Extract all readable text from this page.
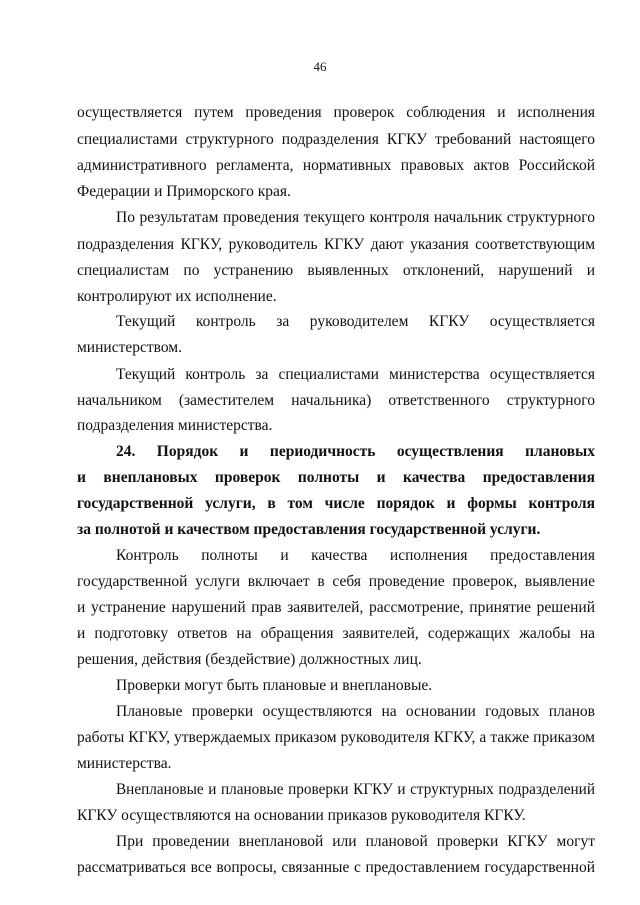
46
осуществляется путем проведения проверок соблюдения и исполнения
специалистами структурного подразделения КГКУ требований настоящего
административного регламента, нормативных правовых актов Российской
Федерации и Приморского края.
По результатам проведения текущего контроля начальник структурного
подразделения КГКУ, руководитель КГКУ дают указания соответствующим
специалистам по устранению выявленных отклонений, нарушений и
контролируют их исполнение.
Текущий контроль за руководителем КГКУ осуществляется
министерством.
Текущий контроль за специалистами министерства осуществляется
начальником (заместителем начальника) ответственного структурного
подразделения министерства.
24. Порядок и периодичность осуществления плановых
и внеплановых проверок полноты и качества предоставления
государственной услуги, в том числе порядок и формы контроля
за полнотой и качеством предоставления государственной услуги.
Контроль полноты и качества исполнения предоставления
государственной услуги включает в себя проведение проверок, выявление
и устранение нарушений прав заявителей, рассмотрение, принятие решений
и подготовку ответов на обращения заявителей, содержащих жалобы на
решения, действия (бездействие) должностных лиц.
Проверки могут быть плановые и внеплановые.
Плановые проверки осуществляются на основании годовых планов
работы КГКУ, утверждаемых приказом руководителя КГКУ, а также приказом
министерства.
Внеплановые и плановые проверки КГКУ и структурных подразделений
КГКУ осуществляются на основании приказов руководителя КГКУ.
При проведении внеплановой или плановой проверки КГКУ могут
рассматриваться все вопросы, связанные с предоставлением государственной
